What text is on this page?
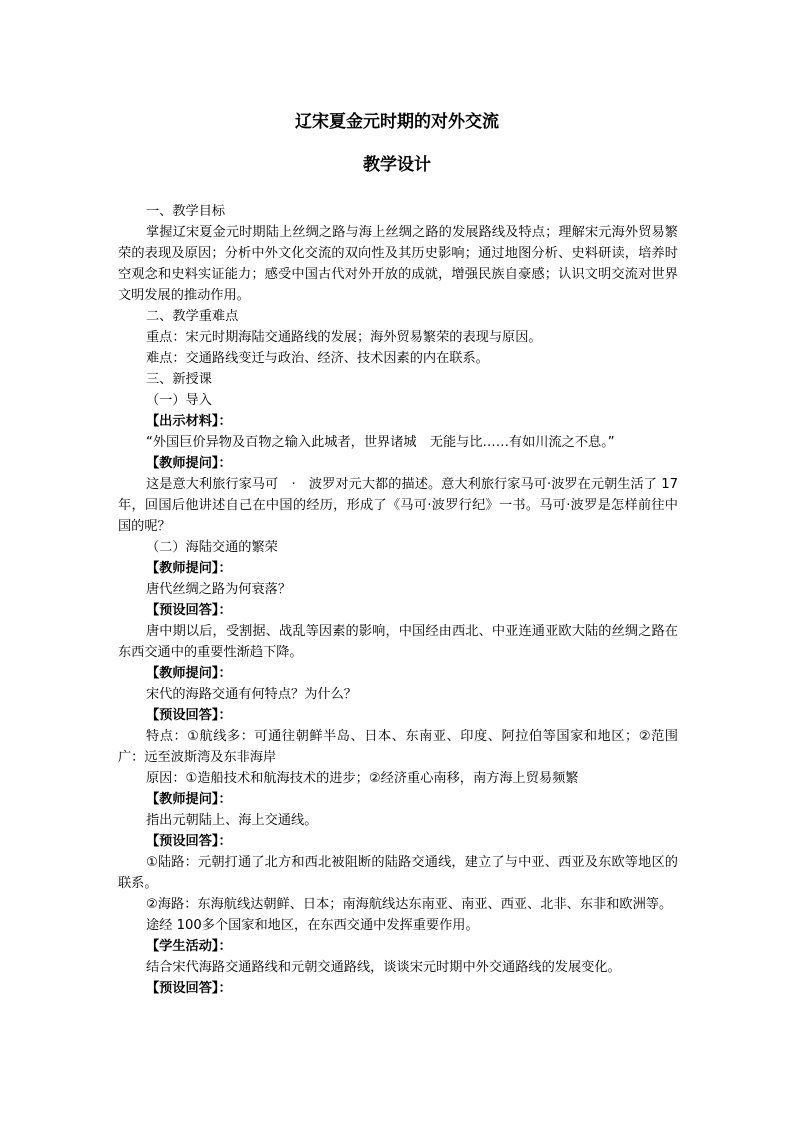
辽宋夏金元时期的对外交流
教学设计

一、教学目标

掌握辽宋夏金元时期陆上丝绸之路与海上丝绸之路的发展路线及特点；理解宋元海外贸易繁荣的表现及原因；分析中外文化交流的双向性及其历史影响；通过地图分析、史料研读，培养时空观念和史料实证能力；感受中国古代对外开放的成就，增强民族自豪感；认识文明交流对世界文明发展的推动作用。

二、教学重难点

重点：宋元时期海陆交通路线的发展；海外贸易繁荣的表现与原因。

难点：交通路线变迁与政治、经济、技术因素的内在联系。

三、新授课

（一）导入

【出示材料】：

“外国巨价异物及百物之输入此城者，世界诸城　无能与比……有如川流之不息。”

【教师提问】：

这是意大利旅行家马可　·　波罗对元大都的描述。意大利旅行家马可·波罗在元朝生活了 17年，回国后他讲述自己在中国的经历，形成了《马可·波罗行纪》一书。马可·波罗是怎样前往中国的呢？

（二）海陆交通的繁荣

【教师提问】：

唐代丝绸之路为何衰落？

【预设回答】：

唐中期以后，受割据、战乱等因素的影响，中国经由西北、中亚连通亚欧大陆的丝绸之路在东西交通中的重要性渐趋下降。

【教师提问】：

宋代的海路交通有何特点？为什么？

【预设回答】：

特点：①航线多：可通往朝鲜半岛、日本、东南亚、印度、阿拉伯等国家和地区；②范围广：远至波斯湾及东非海岸

原因：①造船技术和航海技术的进步；②经济重心南移，南方海上贸易频繁

【教师提问】：

指出元朝陆上、海上交通线。

【预设回答】：

①陆路：元朝打通了北方和西北被阻断的陆路交通线，建立了与中亚、西亚及东欧等地区的联系。

②海路：东海航线达朝鲜、日本；南海航线达东南亚、南亚、西亚、北非、东非和欧洲等。

途经 100多个国家和地区，在东西交通中发挥重要作用。

【学生活动】：

结合宋代海路交通路线和元朝交通路线，谈谈宋元时期中外交通路线的发展变化。

【预设回答】：
